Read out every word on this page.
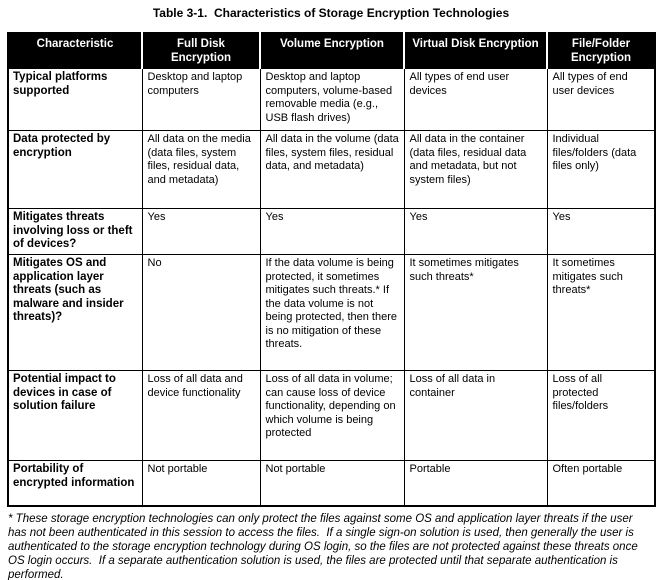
Table 3-1.  Characteristics of Storage Encryption Technologies
Characteristic	Full Disk Encryption	Volume Encryption	Virtual Disk Encryption	File/Folder Encryption
Typical platforms supported	Desktop and laptop computers	Desktop and laptop computers, volume-based removable media (e.g., USB flash drives)	All types of end user devices	All types of end user devices
Data protected by encryption	All data on the media (data files, system files, residual data, and metadata)	All data in the volume (data files, system files, residual data, and metadata)	All data in the container (data files, residual data and metadata, but not system files)	Individual files/folders (data files only)
Mitigates threats involving loss or theft of devices?	Yes	Yes	Yes	Yes
Mitigates OS and application layer threats (such as malware and insider threats)?	No	If the data volume is being protected, it sometimes mitigates such threats.* If the data volume is not being protected, then there is no mitigation of these threats.	It sometimes mitigates such threats*	It sometimes mitigates such threats*
Potential impact to devices in case of solution failure	Loss of all data and device functionality	Loss of all data in volume; can cause loss of device functionality, depending on which volume is being protected	Loss of all data in container	Loss of all protected files/folders
Portability of encrypted information	Not portable	Not portable	Portable	Often portable
* These storage encryption technologies can only protect the files against some OS and application layer threats if the user has not been authenticated in this session to access the files.  If a single sign-on solution is used, then generally the user is authenticated to the storage encryption technology during OS login, so the files are not protected against these threats once OS login occurs.  If a separate authentication solution is used, the files are protected until that separate authentication is performed.
